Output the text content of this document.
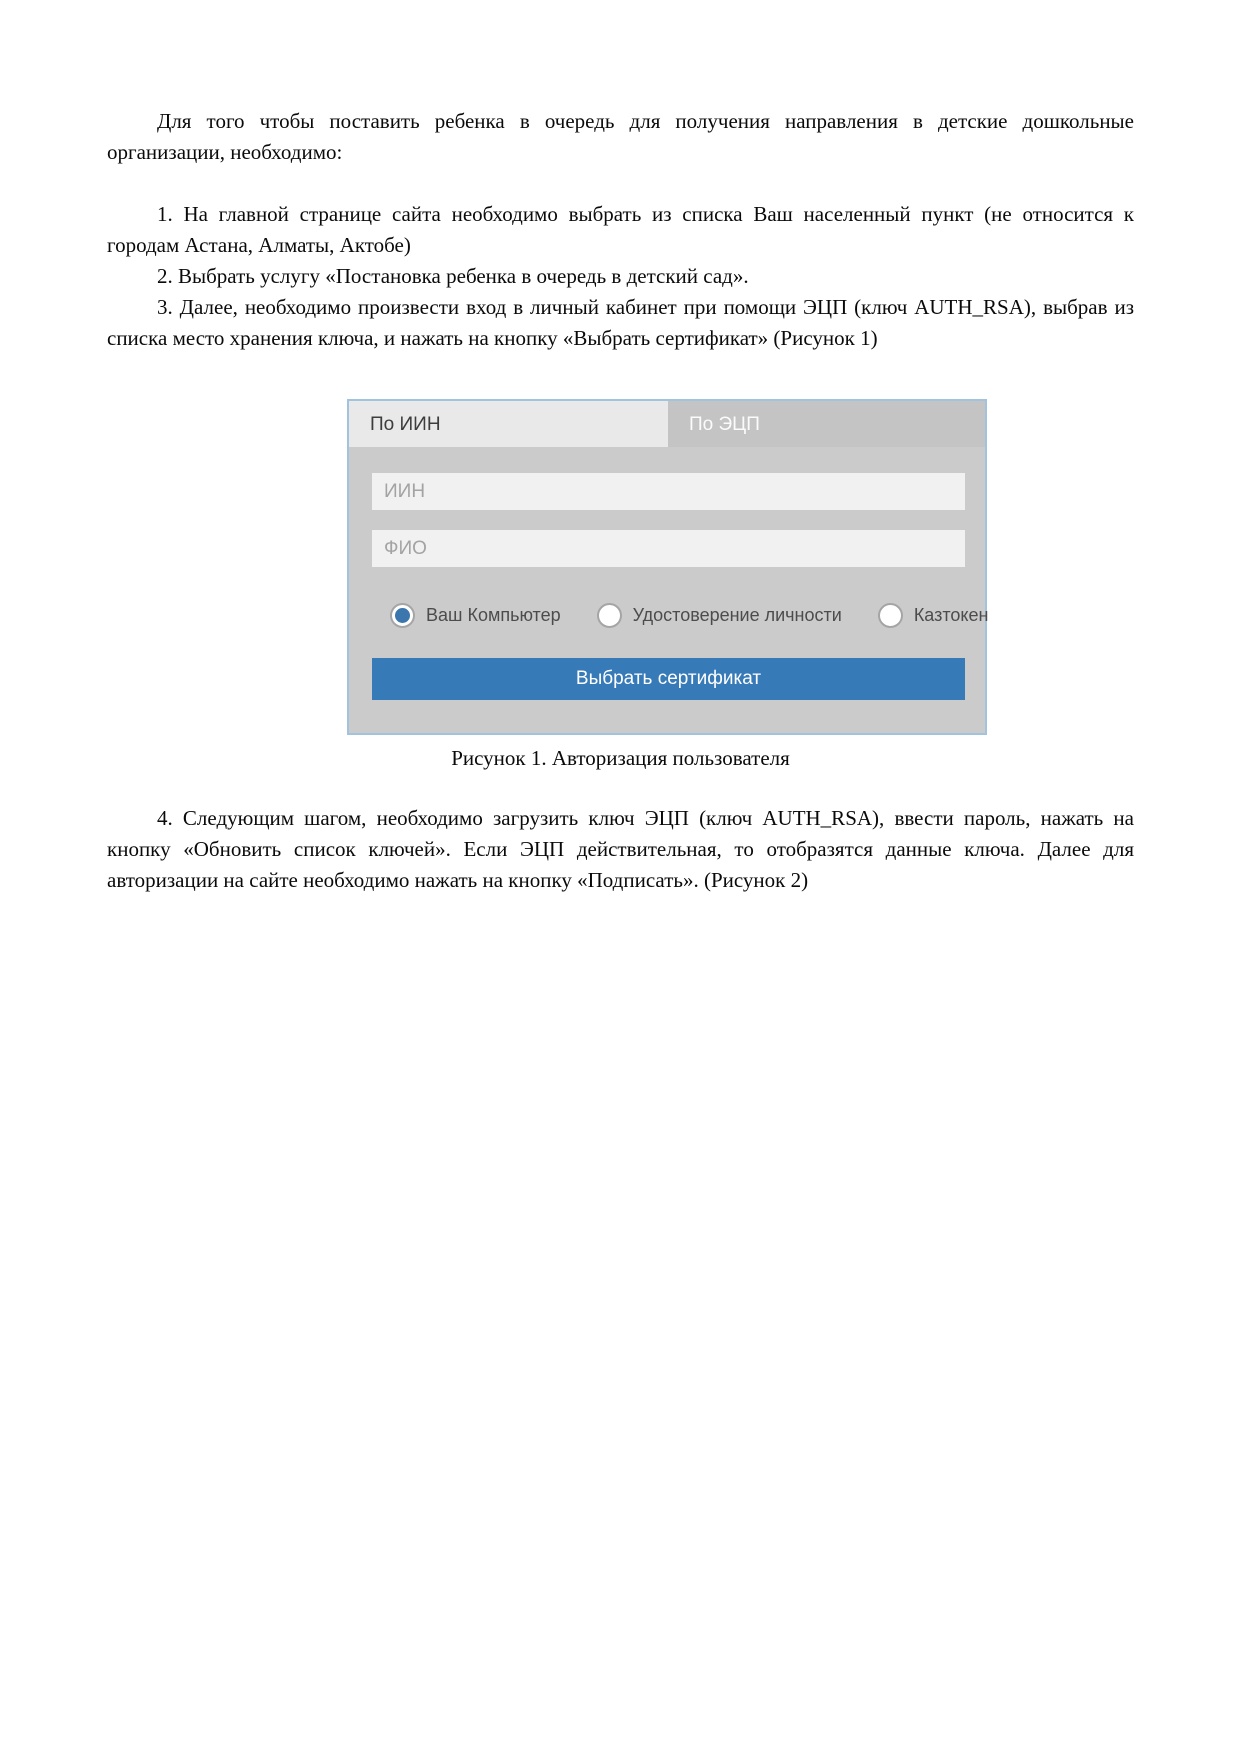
Для того чтобы поставить ребенка в очередь для получения направления в детские дошкольные организации, необходимо:

1. На главной странице сайта необходимо выбрать из списка Ваш населенный пункт (не относится к городам Астана, Алматы, Актобе)

2. Выбрать услугу «Постановка ребенка в очередь в детский сад».

3. Далее, необходимо произвести вход в личный кабинет при помощи ЭЦП (ключ AUTH_RSA), выбрав из списка место хранения ключа, и нажать на кнопку «Выбрать сертификат» (Рисунок 1)

По ИИН	По ЭЦП
ИИН
ФИО
Ваш Компьютер	Удостоверение личности	Казтокен
Выбрать сертификат

Рисунок 1. Авторизация пользователя

4. Следующим шагом, необходимо загрузить ключ ЭЦП (ключ AUTH_RSA), ввести пароль, нажать на кнопку «Обновить список ключей». Если ЭЦП действительная, то отобразятся данные ключа. Далее для авторизации на сайте необходимо нажать на кнопку «Подписать». (Рисунок 2)
